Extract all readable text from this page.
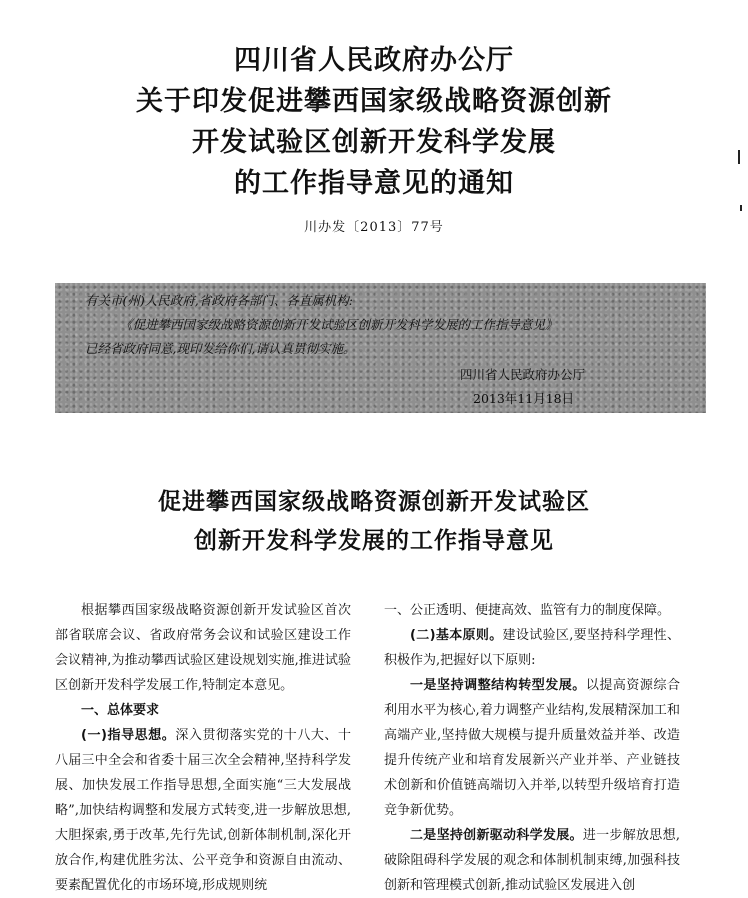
四川省人民政府办公厅
关于印发促进攀西国家级战略资源创新
开发试验区创新开发科学发展
的工作指导意见的通知
川办发〔2013〕77号
有关市(州)人民政府,省政府各部门、各直属机构:
《促进攀西国家级战略资源创新开发试验区创新开发科学发展的工作指导意见》
已经省政府同意,现印发给你们,请认真贯彻实施。
四川省人民政府办公厅
2013年11月18日
促进攀西国家级战略资源创新开发试验区
创新开发科学发展的工作指导意见

根据攀西国家级战略资源创新开发试验区首次部省联席会议、省政府常务会议和试验区建设工作会议精神,为推动攀西试验区建设规划实施,推进试验区创新开发科学发展工作,特制定本意见。

一、总体要求

(一)指导思想。深入贯彻落实党的十八大、十八届三中全会和省委十届三次全会精神,坚持科学发展、加快发展工作指导思想,全面实施“三大发展战略”,加快结构调整和发展方式转变,进一步解放思想,大胆探索,勇于改革,先行先试,创新体制机制,深化开放合作,构建优胜劣汰、公平竞争和资源自由流动、要素配置优化的市场环境,形成规则统

一、公正透明、便捷高效、监管有力的制度保障。

(二)基本原则。建设试验区,要坚持科学理性、积极作为,把握好以下原则:

一是坚持调整结构转型发展。以提高资源综合利用水平为核心,着力调整产业结构,发展精深加工和高端产业,坚持做大规模与提升质量效益并举、改造提升传统产业和培育发展新兴产业并举、产业链技术创新和价值链高端切入并举,以转型升级培育打造竞争新优势。

二是坚持创新驱动科学发展。进一步解放思想,破除阻碍科学发展的观念和体制机制束缚,加强科技创新和管理模式创新,推动试验区发展进入创
